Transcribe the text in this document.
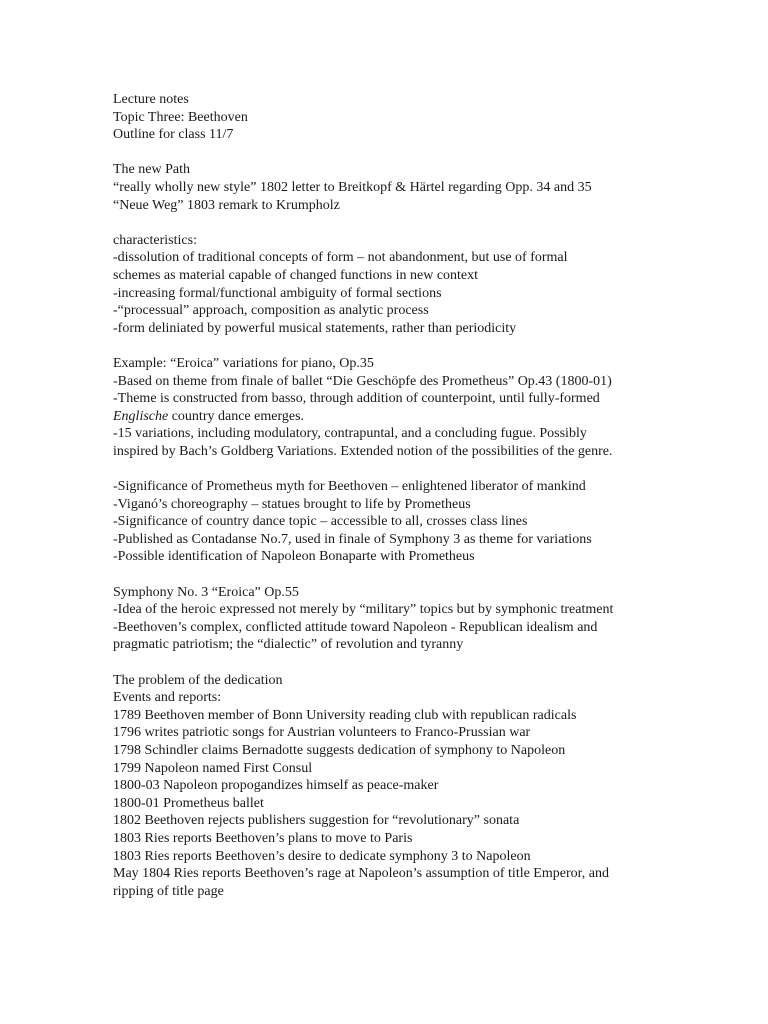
Lecture notes
Topic Three: Beethoven
Outline for class 11/7
The new Path
“really wholly new style” 1802 letter to Breitkopf & Härtel regarding Opp. 34 and 35
“Neue Weg” 1803 remark to Krumpholz
characteristics:
-dissolution of traditional concepts of form – not abandonment, but use of formal
schemes as material capable of changed functions in new context
-increasing formal/functional ambiguity of formal sections
-“processual” approach, composition as analytic process
-form deliniated by powerful musical statements, rather than periodicity
Example: “Eroica” variations for piano, Op.35
-Based on theme from finale of ballet “Die Geschöpfe des Prometheus” Op.43 (1800-01)
-Theme is constructed from basso, through addition of counterpoint, until fully-formed
Englische country dance emerges.
-15 variations, including modulatory, contrapuntal, and a concluding fugue. Possibly
inspired by Bach’s Goldberg Variations. Extended notion of the possibilities of the genre.
-Significance of Prometheus myth for Beethoven – enlightened liberator of mankind
-Viganó’s choreography – statues brought to life by Prometheus
-Significance of country dance topic – accessible to all, crosses class lines
-Published as Contadanse No.7, used in finale of Symphony 3 as theme for variations
-Possible identification of Napoleon Bonaparte with Prometheus
Symphony No. 3 “Eroica” Op.55
-Idea of the heroic expressed not merely by “military” topics but by symphonic treatment
-Beethoven’s complex, conflicted attitude toward Napoleon - Republican idealism and
pragmatic patriotism; the “dialectic” of revolution and tyranny
The problem of the dedication
Events and reports:
1789 Beethoven member of Bonn University reading club with republican radicals
1796 writes patriotic songs for Austrian volunteers to Franco-Prussian war
1798 Schindler claims Bernadotte suggests dedication of symphony to Napoleon
1799 Napoleon named First Consul
1800-03 Napoleon propogandizes himself as peace-maker
1800-01 Prometheus ballet
1802 Beethoven rejects publishers suggestion for “revolutionary” sonata
1803 Ries reports Beethoven’s plans to move to Paris
1803 Ries reports Beethoven’s desire to dedicate symphony 3 to Napoleon
May 1804 Ries reports Beethoven’s rage at Napoleon’s assumption of title Emperor, and
ripping of title page
